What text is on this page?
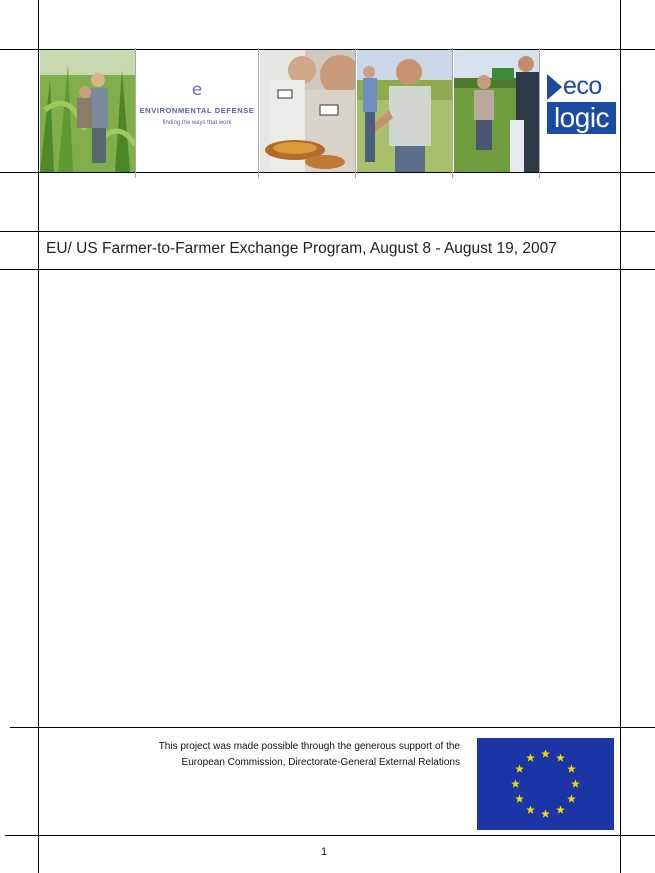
e
ENVIRONMENTAL DEFENSE
finding the ways that work
eco
logic
EU/ US Farmer-to-Farmer Exchange Program, August 8 - August 19, 2007
This project was made possible through the generous support of the
European Commission, Directorate-General External Relations
1
